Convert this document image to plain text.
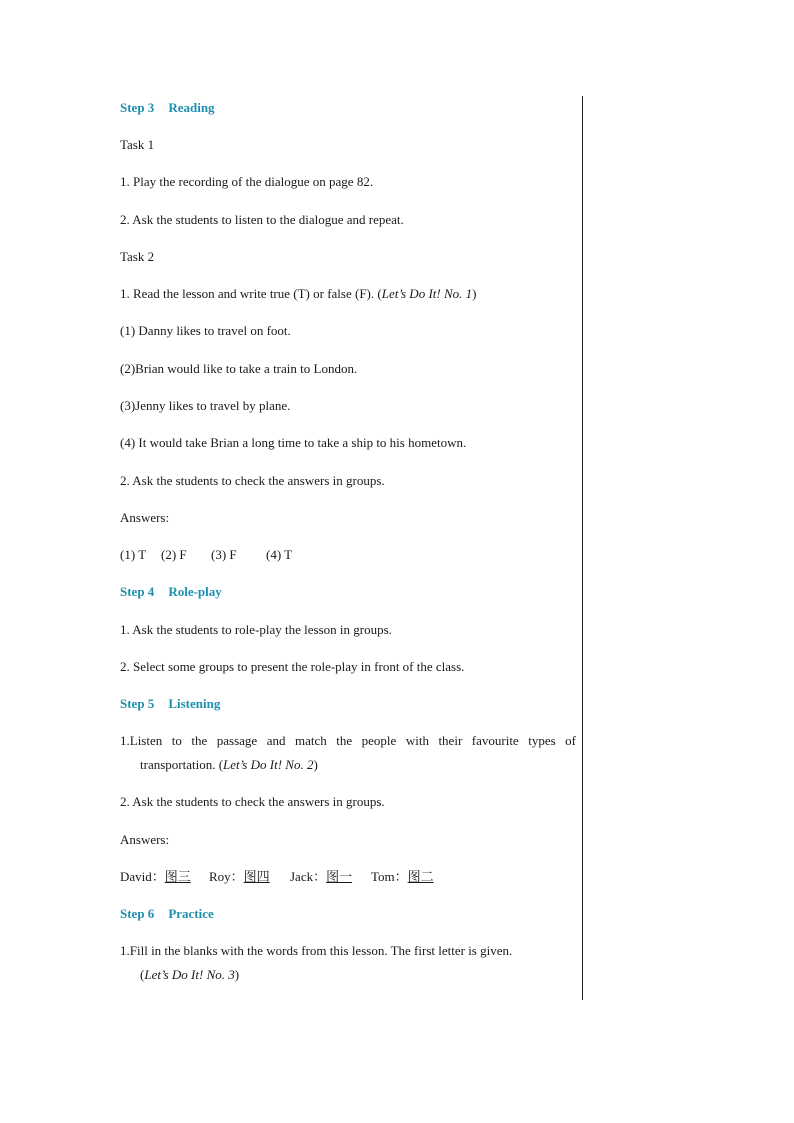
Step 3 Reading
Task 1
1. Play the recording of the dialogue on page 82.
2. Ask the students to listen to the dialogue and repeat.
Task 2
1. Read the lesson and write true (T) or false (F). (Let’s Do It! No. 1)
(1) Danny likes to travel on foot.
(2)Brian would like to take a train to London.
(3)Jenny likes to travel by plane.
(4) It would take Brian a long time to take a ship to his hometown.
2. Ask the students to check the answers in groups.
Answers:
(1) T (2) F (3) F (4) T
Step 4 Role-play
1. Ask the students to role-play the lesson in groups.
2. Select some groups to present the role-play in front of the class.
Step 5 Listening
1.Listen to the passage and match the people with their favourite types of
transportation. (Let’s Do It! No. 2)
2. Ask the students to check the answers in groups.
Answers:
David：图三 Roy：图四 Jack：图一 Tom：图二
Step 6 Practice
1.Fill in the blanks with the words from this lesson. The first letter is given.
(Let’s Do It! No. 3)
